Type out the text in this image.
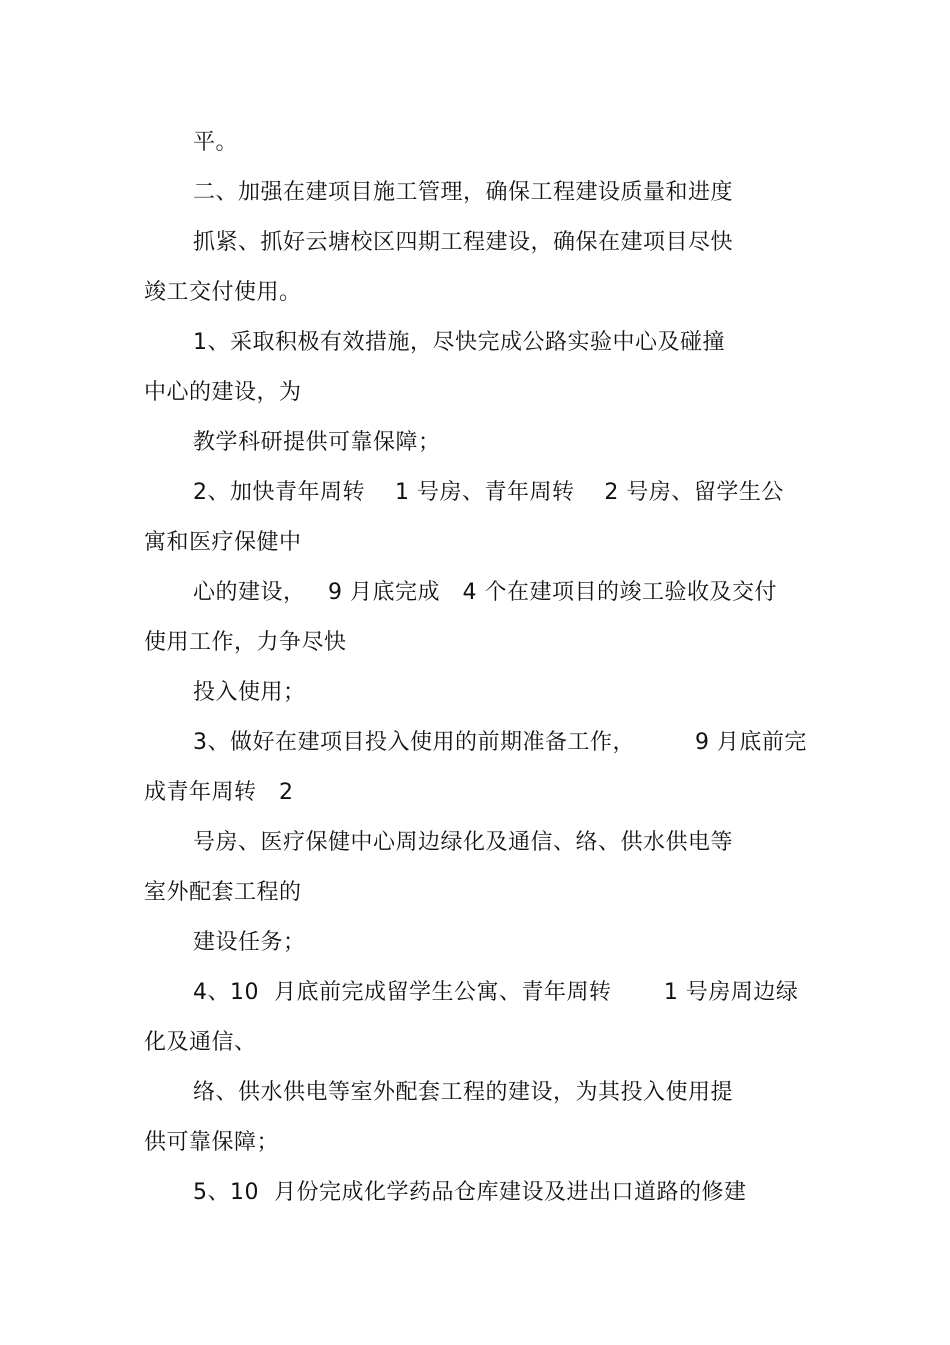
平。
二、加强在建项目施工管理，确保工程建设质量和进度
抓紧、抓好云塘校区四期工程建设，确保在建项目尽快
竣工交付使用。
1、采取积极有效措施，尽快完成公路实验中心及碰撞
中心的建设，为
教学科研提供可靠保障；
2、加快青年周转    1 号房、青年周转    2 号房、留学生公
寓和医疗保健中
心的建设，   9 月底完成   4 个在建项目的竣工验收及交付
使用工作，力争尽快
投入使用；
3、做好在建项目投入使用的前期准备工作，        9 月底前完
成青年周转   2
号房、医疗保健中心周边绿化及通信、络、供水供电等
室外配套工程的
建设任务；
4、10  月底前完成留学生公寓、青年周转       1 号房周边绿
化及通信、
络、供水供电等室外配套工程的建设，为其投入使用提
供可靠保障；
5、10  月份完成化学药品仓库建设及进出口道路的修建
